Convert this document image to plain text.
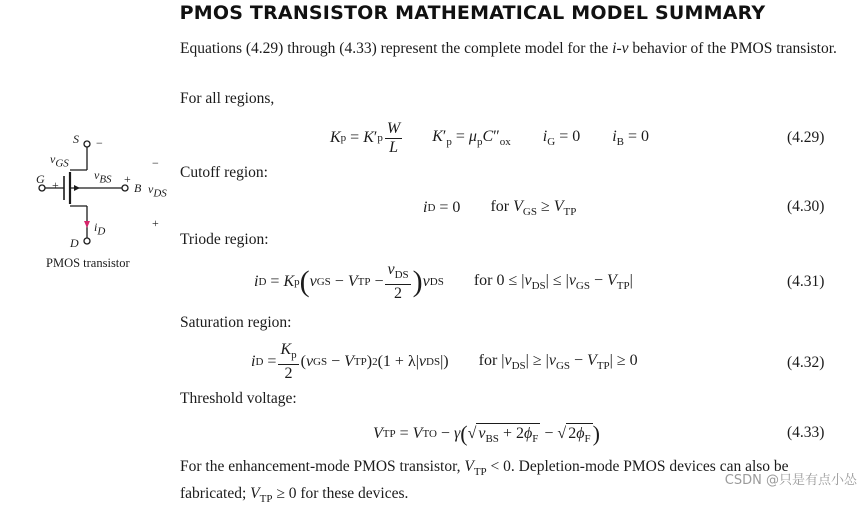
PMOS TRANSISTOR MATHEMATICAL MODEL SUMMARY
Equations (4.29) through (4.33) represent the complete model for the i-v behavior of the PMOS transistor.
S −
$v_{GS}$
$v_{BS}$ +
−
G +	B $v_{DS}$
$i_D$
+
D
PMOS transistor
For all regions,
K p = K ′ p $\frac{W}{L} K'_p = \mu_pC''_{ox}$ $i_G = 0$ $i_B = 0$	(4.29)
Cutoff region:
i D = 0 for $V_{GS} \ge V_{TP}$	(4.30)
Triode region:
i D = K p ( v GS − V TP − $\frac{v_{DS}}{2}$ ) v DS for $0 \le |v_{DS}| \le |v_{GS} - V_{TP}|$	(4.31)
Saturation region:
i $D = \frac{K_p}{2}$ ( v GS − V TP ) 2 (1 + λ| v DS |) for $|v_{DS}| \ge |v_{GS} - V_{TP}| \ge 0$	(4.32)
Threshold voltage:
V TP = V TO − γ ( √ $v_{BS} + 2\phi_F$ − √ $2\phi_F$ )	(4.33)
For the enhancement-mode PMOS transistor, $V_{TP} < 0$. Depletion-mode PMOS devices can also be fabricated; $V_{TP} \ge 0$ for these devices.
CSDN @只是有点小怂
